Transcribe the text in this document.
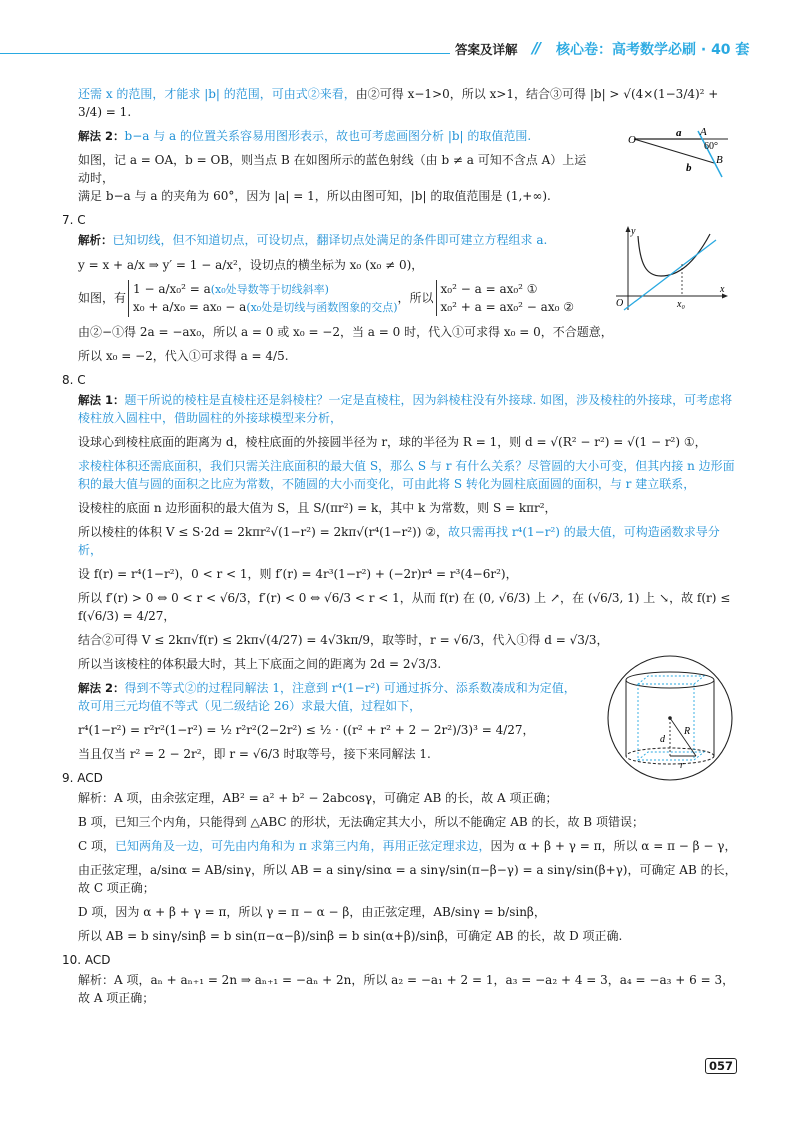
答案及详解 // 核心卷：高考数学必刷 · 40 套

还需 x 的范围，才能求 |b| 的范围，可由式②来看，由②可得 x−1>0，所以 x>1，结合③可得 |b| > √(4×(1−3/4)² + 3/4) = 1.

解法 2：b−a 与 a 的位置关系容易用图形表示，故也可考虑画图分析 |b| 的取值范围.

如图，记 a = OA，b = OB，则当点 B 在如图所示的蓝色射线（由 b ≠ a 可知不含点 A）上运动时，

满足 b−a 与 a 的夹角为 60°，因为 |a| = 1，所以由图可知，|b| 的取值范围是 (1,+∞).

7. C

解析：已知切线，但不知道切点，可设切点，翻译切点处满足的条件即可建立方程组求 a.

y = x + a/x ⇒ y′ = 1 − a/x²，设切点的横坐标为 x₀ (x₀ ≠ 0)，

如图，有
1 − a/x₀² = a(x₀处导数等于切线斜率)
x₀ + a/x₀ = ax₀ − a(x₀处是切线与函数图象的交点)
，所以
x₀² − a = ax₀² ①
x₀² + a = ax₀² − ax₀ ②

由②−①得 2a = −ax₀，所以 a = 0 或 x₀ = −2，当 a = 0 时，代入①可求得 x₀ = 0，不合题意，

所以 x₀ = −2，代入①可求得 a = 4/5.

8. C

解法 1：题干所说的棱柱是直棱柱还是斜棱柱？一定是直棱柱，因为斜棱柱没有外接球. 如图，涉及棱柱的外接球，可考虑将棱柱放入圆柱中，借助圆柱的外接球模型来分析，

设球心到棱柱底面的距离为 d，棱柱底面的外接圆半径为 r，球的半径为 R = 1，则 d = √(R² − r²) = √(1 − r²) ①，

求棱柱体积还需底面积，我们只需关注底面积的最大值 S，那么 S 与 r 有什么关系？尽管圆的大小可变，但其内接 n 边形面积的最大值与圆的面积之比应为常数，不随圆的大小而变化，可由此将 S 转化为圆柱底面圆的面积，与 r 建立联系，

设棱柱的底面 n 边形面积的最大值为 S，且 S/(πr²) = k，其中 k 为常数，则 S = kπr²，

所以棱柱的体积 V ≤ S·2d = 2kπr²√(1−r²) = 2kπ√(r⁴(1−r²)) ②，故只需再找 r⁴(1−r²) 的最大值，可构造函数求导分析，

设 f(r) = r⁴(1−r²)，0 < r < 1，则 f′(r) = 4r³(1−r²) + (−2r)r⁴ = r³(4−6r²)，

所以 f′(r) > 0 ⇔ 0 < r < √6/3，f′(r) < 0 ⇔ √6/3 < r < 1，从而 f(r) 在 (0, √6/3) 上 ↗，在 (√6/3, 1) 上 ↘，故 f(r) ≤ f(√6/3) = 4/27，

结合②可得 V ≤ 2kπ√f(r) ≤ 2kπ√(4/27) = 4√3kπ/9，取等时，r = √6/3，代入①得 d = √3/3，

所以当该棱柱的体积最大时，其上下底面之间的距离为 2d = 2√3/3.

解法 2：得到不等式②的过程同解法 1，注意到 r⁴(1−r²) 可通过拆分、添系数凑成和为定值，故可用三元均值不等式（见二级结论 26）求最大值，过程如下，

r⁴(1−r²) = r²r²(1−r²) = ½ r²r²(2−2r²) ≤ ½ · ((r² + r² + 2 − 2r²)/3)³ = 4/27，

当且仅当 r² = 2 − 2r²，即 r = √6/3 时取等号，接下来同解法 1.

9. ACD

解析：A 项，由余弦定理，AB² = a² + b² − 2abcosγ，可确定 AB 的长，故 A 项正确；

B 项，已知三个内角，只能得到 △ABC 的形状，无法确定其大小，所以不能确定 AB 的长，故 B 项错误；

C 项，已知两角及一边，可先由内角和为 π 求第三内角，再用正弦定理求边，因为 α + β + γ = π，所以 α = π − β − γ，

由正弦定理，a/sinα = AB/sinγ，所以 AB = a sinγ/sinα = a sinγ/sin(π−β−γ) = a sinγ/sin(β+γ)，可确定 AB 的长，故 C 项正确；

D 项，因为 α + β + γ = π，所以 γ = π − α − β，由正弦定理，AB/sinγ = b/sinβ，

所以 AB = b sinγ/sinβ = b sin(π−α−β)/sinβ = b sin(α+β)/sinβ，可确定 AB 的长，故 D 项正确.

10. ACD

解析：A 项，aₙ + aₙ₊₁ = 2n ⇒ aₙ₊₁ = −aₙ + 2n，所以 a₂ = −a₁ + 2 = 1，a₃ = −a₂ + 4 = 3，a₄ = −a₃ + 6 = 3，故 A 项正确；

O
A
B
a
b
60°
y
x
O	x₀
R
d
r
057
